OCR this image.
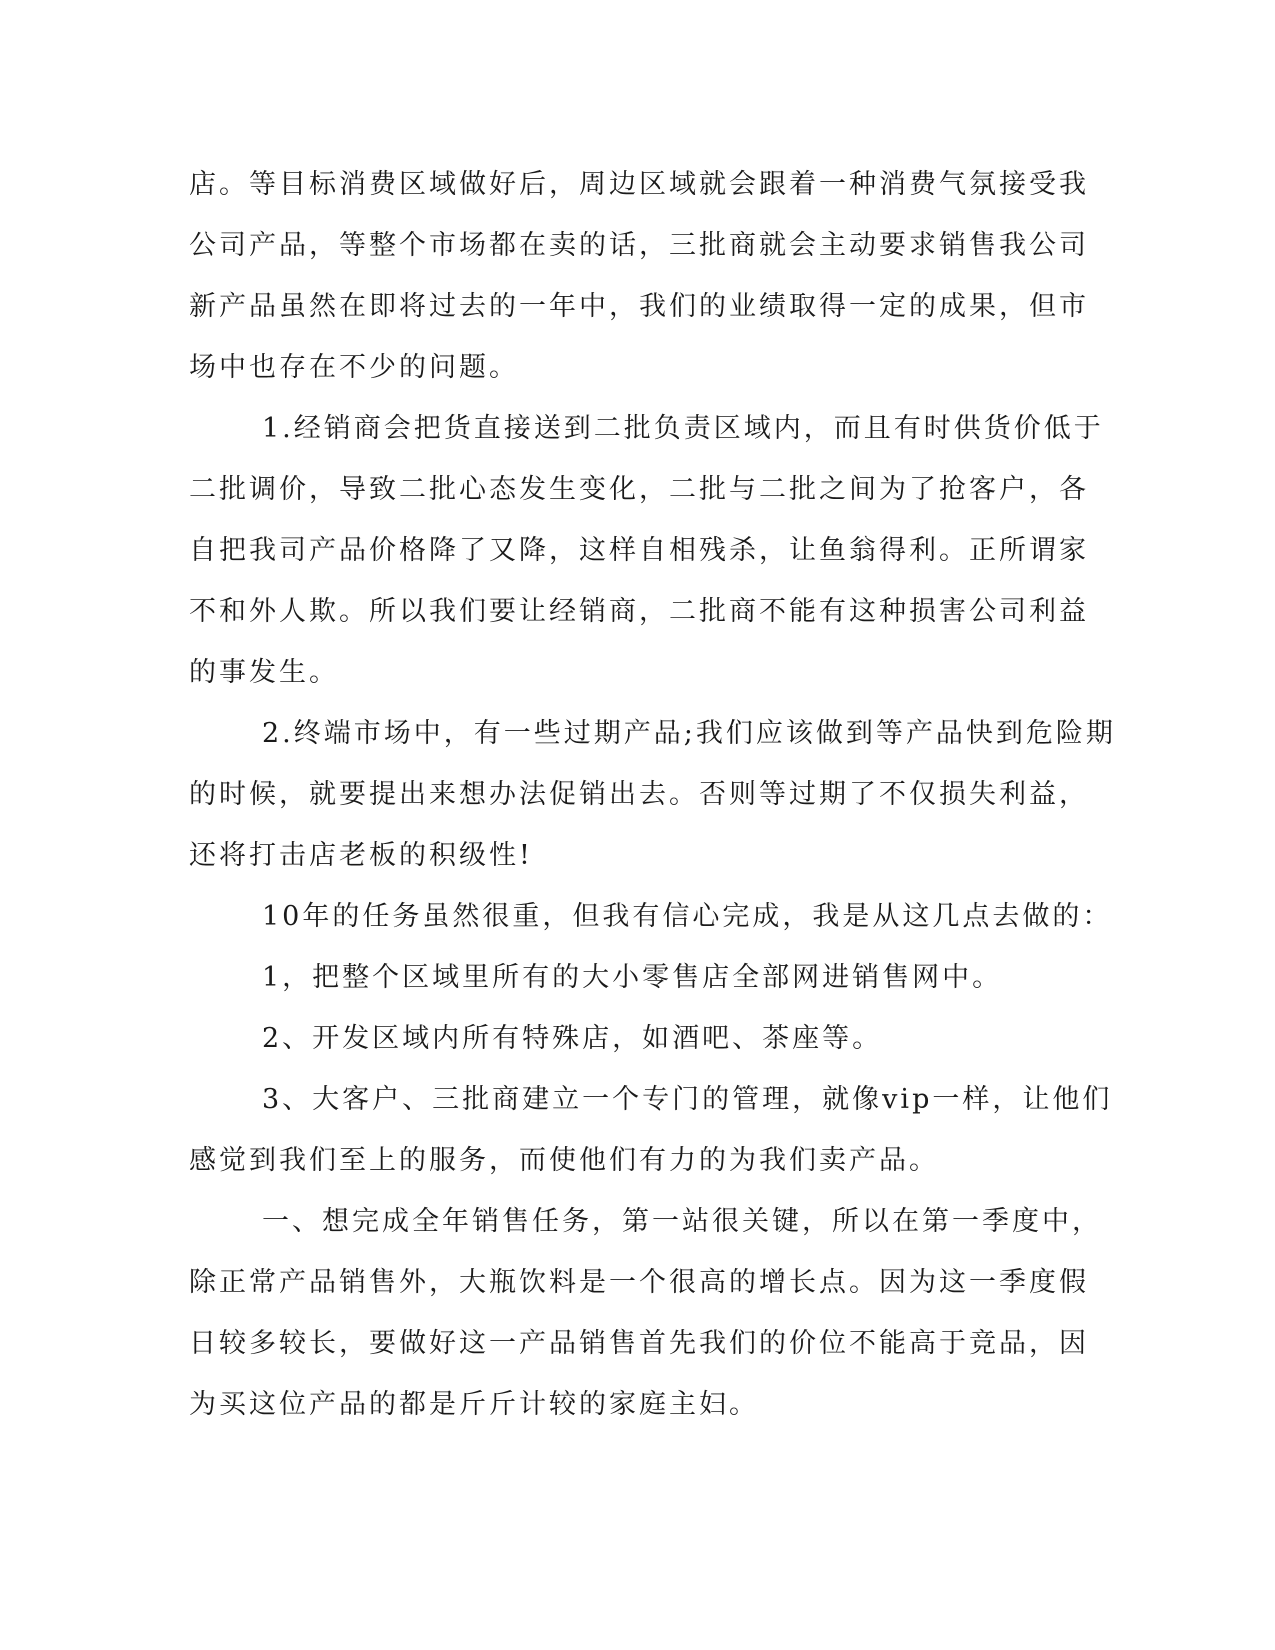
店。等目标消费区域做好后，周边区域就会跟着一种消费气氛接受我
公司产品，等整个市场都在卖的话，三批商就会主动要求销售我公司
新产品虽然在即将过去的一年中，我们的业绩取得一定的成果，但市
场中也存在不少的问题。
1.经销商会把货直接送到二批负责区域内，而且有时供货价低于
二批调价，导致二批心态发生变化，二批与二批之间为了抢客户，各
自把我司产品价格降了又降，这样自相残杀，让鱼翁得利。正所谓家
不和外人欺。所以我们要让经销商，二批商不能有这种损害公司利益
的事发生。
2.终端市场中，有一些过期产品;我们应该做到等产品快到危险期
的时候，就要提出来想办法促销出去。否则等过期了不仅损失利益，
还将打击店老板的积级性!
10年的任务虽然很重，但我有信心完成，我是从这几点去做的：
1，把整个区域里所有的大小零售店全部网进销售网中。
2、开发区域内所有特殊店，如酒吧、茶座等。
3、大客户、三批商建立一个专门的管理，就像vip一样，让他们
感觉到我们至上的服务，而使他们有力的为我们卖产品。
一、想完成全年销售任务，第一站很关键，所以在第一季度中，
除正常产品销售外，大瓶饮料是一个很高的增长点。因为这一季度假
日较多较长，要做好这一产品销售首先我们的价位不能高于竞品，因
为买这位产品的都是斤斤计较的家庭主妇。
